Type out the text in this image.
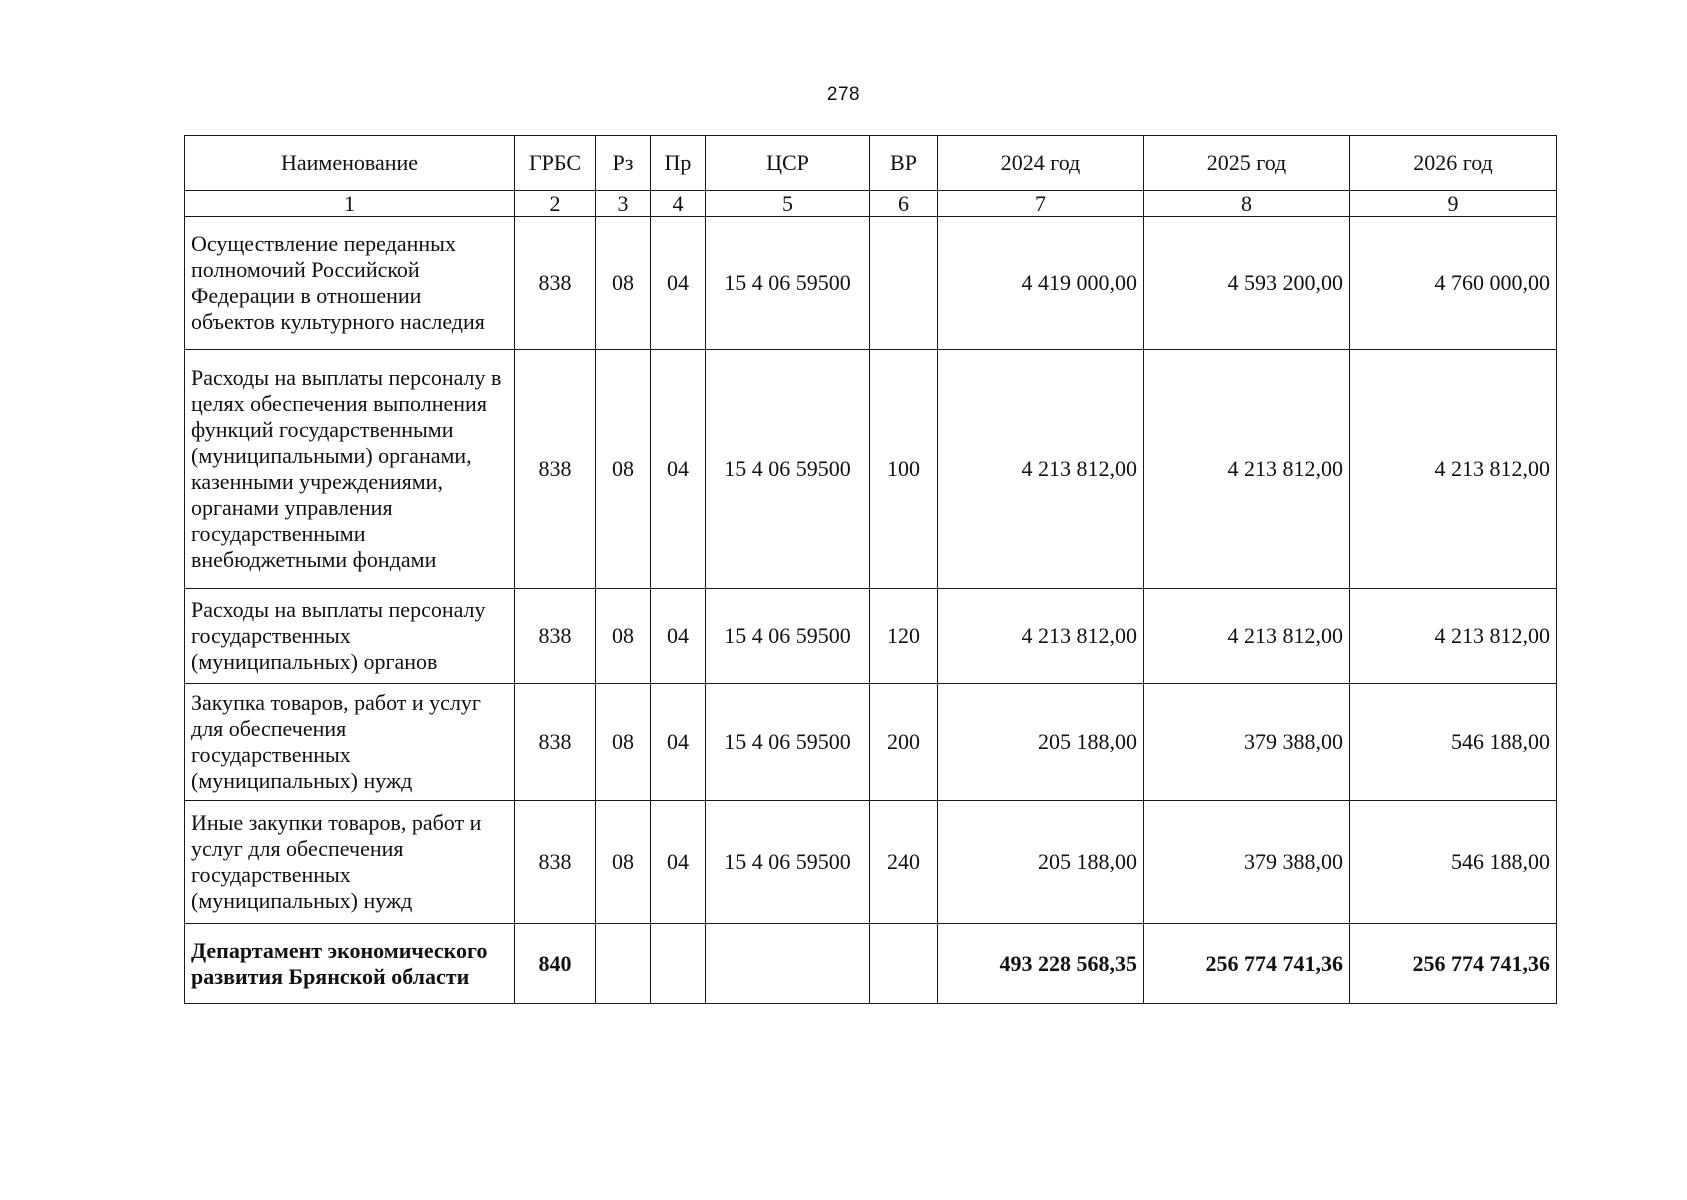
278
Наименование	ГРБС	Рз	Пр	ЦСР	ВР	2024 год	2025 год	2026 год
1	2	3	4	5	6	7	8	9
Осуществление переданных полномочий Российской Федерации в отношении объектов культурного наследия	838	08	04	15 4 06 59500		4 419 000,00	4 593 200,00	4 760 000,00
Расходы на выплаты персоналу в целях обеспечения выполнения функций государственными (муниципальными) органами, казенными учреждениями, органами управления государственными внебюджетными фондами	838	08	04	15 4 06 59500	100	4 213 812,00	4 213 812,00	4 213 812,00
Расходы на выплаты персоналу государственных (муниципальных) органов	838	08	04	15 4 06 59500	120	4 213 812,00	4 213 812,00	4 213 812,00
Закупка товаров, работ и услуг для обеспечения государственных (муниципальных) нужд	838	08	04	15 4 06 59500	200	205 188,00	379 388,00	546 188,00
Иные закупки товаров, работ и услуг для обеспечения государственных (муниципальных) нужд	838	08	04	15 4 06 59500	240	205 188,00	379 388,00	546 188,00
Департамент экономического развития Брянской области	840					493 228 568,35	256 774 741,36	256 774 741,36
